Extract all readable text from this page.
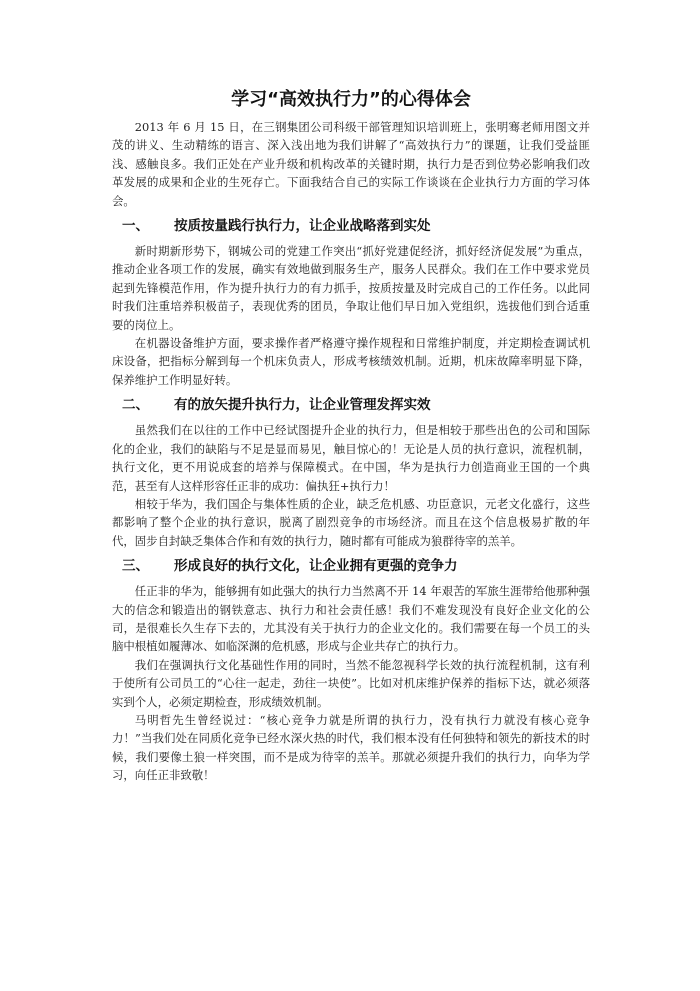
学习“高效执行力”的心得体会

2013 年 6 月 15 日，在三钢集团公司科级干部管理知识培训班上，张明骞老师用图文并茂的讲义、生动精练的语言、深入浅出地为我们讲解了“高效执行力”的课题，让我们受益匪浅、感触良多。我们正处在产业升级和机构改革的关键时期，执行力是否到位势必影响我们改革发展的成果和企业的生死存亡。下面我结合自己的实际工作谈谈在企业执行力方面的学习体会。

一、 按质按量践行执行力，让企业战略落到实处

新时期新形势下，钢城公司的党建工作突出“抓好党建促经济，抓好经济促发展”为重点，推动企业各项工作的发展，确实有效地做到服务生产，服务人民群众。我们在工作中要求党员起到先锋模范作用，作为提升执行力的有力抓手，按质按量及时完成自己的工作任务。以此同时我们注重培养积极苗子，表现优秀的团员，争取让他们早日加入党组织，选拔他们到合适重要的岗位上。

在机器设备维护方面，要求操作者严格遵守操作规程和日常维护制度，并定期检查调试机床设备，把指标分解到每一个机床负责人，形成考核绩效机制。近期，机床故障率明显下降，保养维护工作明显好转。

二、 有的放矢提升执行力，让企业管理发挥实效

虽然我们在以往的工作中已经试图提升企业的执行力，但是相较于那些出色的公司和国际化的企业，我们的缺陷与不足是显而易见，触目惊心的！无论是人员的执行意识，流程机制，执行文化，更不用说成套的培养与保障模式。在中国，华为是执行力创造商业王国的一个典范，甚至有人这样形容任正非的成功：偏执狂+执行力！

相较于华为，我们国企与集体性质的企业，缺乏危机感、功臣意识，元老文化盛行，这些都影响了整个企业的执行意识，脱离了剧烈竞争的市场经济。而且在这个信息极易扩散的年代，固步自封缺乏集体合作和有效的执行力，随时都有可能成为狼群待宰的羔羊。

三、 形成良好的执行文化，让企业拥有更强的竞争力

任正非的华为，能够拥有如此强大的执行力当然离不开 14 年艰苦的军旅生涯带给他那种强大的信念和锻造出的钢铁意志、执行力和社会责任感！我们不难发现没有良好企业文化的公司，是很难长久生存下去的，尤其没有关于执行力的企业文化的。我们需要在每一个员工的头脑中根植如履薄冰、如临深渊的危机感，形成与企业共存亡的执行力。

我们在强调执行文化基础性作用的同时，当然不能忽视科学长效的执行流程机制，这有利于使所有公司员工的“心往一起走，劲往一块使”。比如对机床维护保养的指标下达，就必须落实到个人，必须定期检查，形成绩效机制。

马明哲先生曾经说过：“核心竞争力就是所谓的执行力，没有执行力就没有核心竞争力！”当我们处在同质化竞争已经水深火热的时代，我们根本没有任何独特和领先的新技术的时候，我们要像土狼一样突围，而不是成为待宰的羔羊。那就必须提升我们的执行力，向华为学习，向任正非致敬！
